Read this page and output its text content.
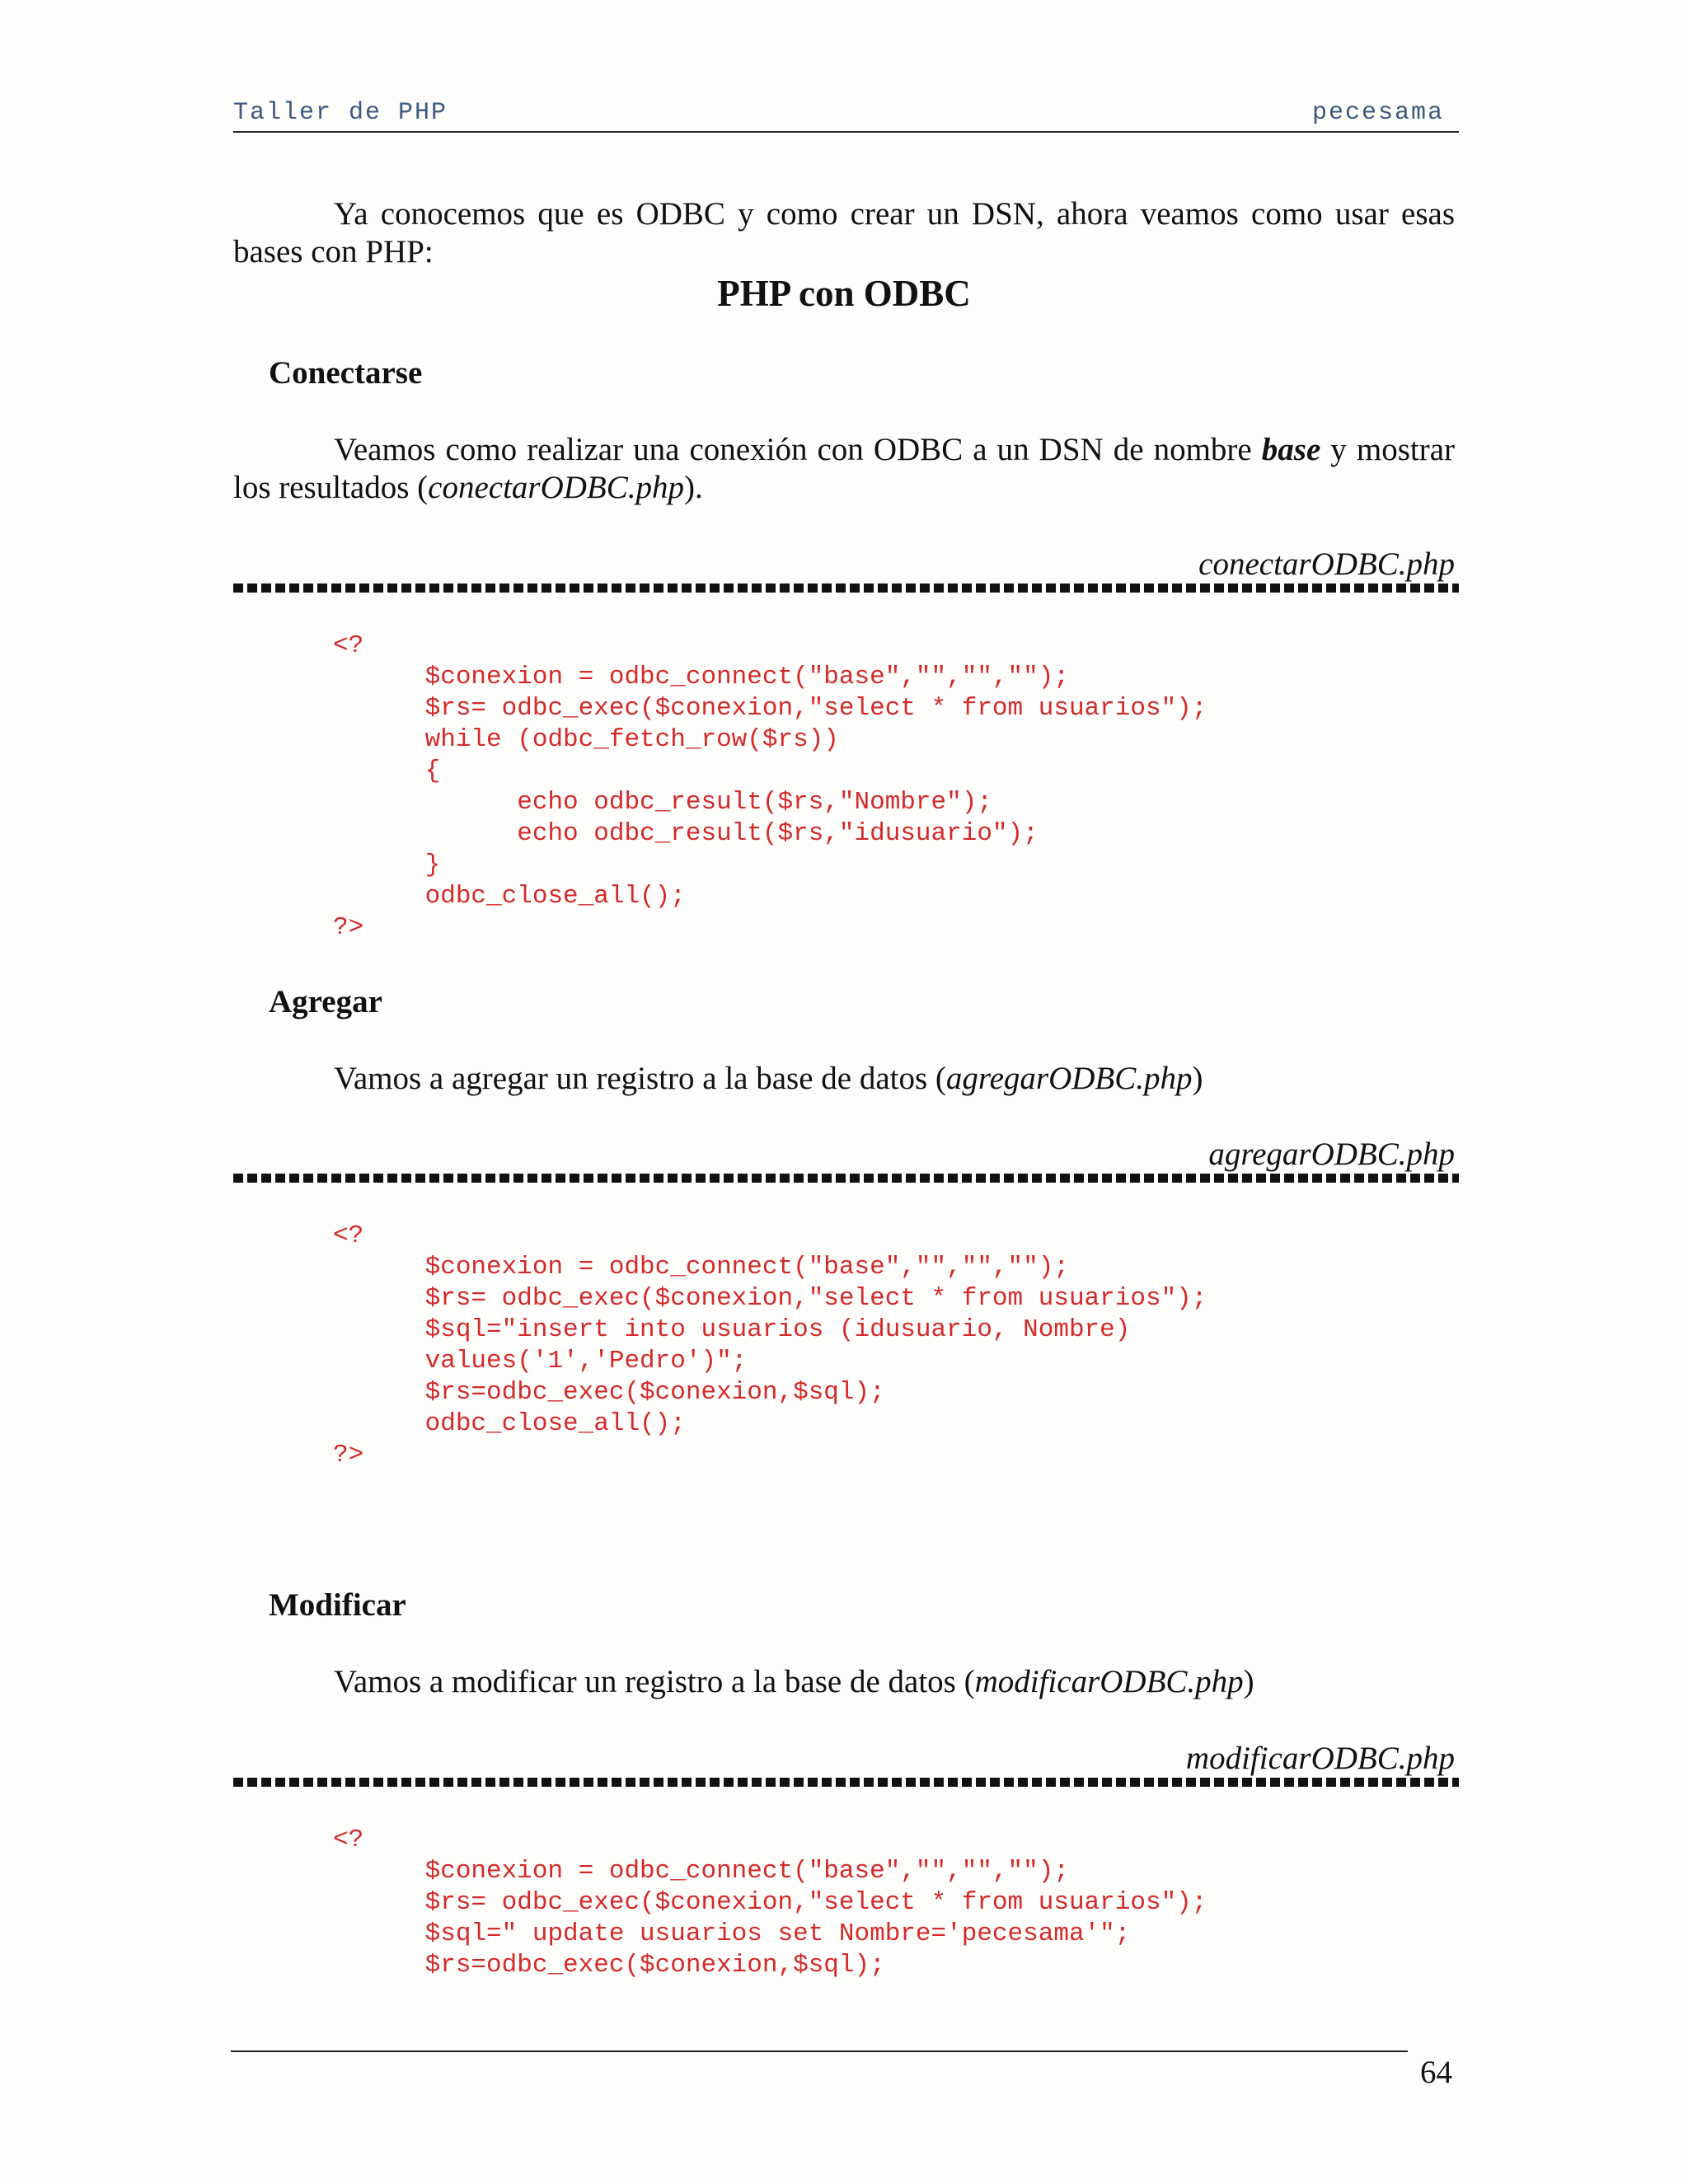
Taller de PHP	pecesama
Ya conocemos que es ODBC y como crear un DSN, ahora veamos como usar esas bases con PHP:
PHP con ODBC
Conectarse
Veamos como realizar una conexión con ODBC a un DSN de nombre base y mostrar los resultados (conectarODBC.php).
conectarODBC.php
<?
$conexion = odbc_connect("base","","","");
$rs= odbc_exec($conexion,"select * from usuarios");
while (odbc_fetch_row($rs))
{
echo odbc_result($rs,"Nombre");
echo odbc_result($rs,"idusuario");
}
odbc_close_all();
?>
Agregar
Vamos a agregar un registro a la base de datos (agregarODBC.php)
agregarODBC.php
<?
$conexion = odbc_connect("base","","","");
$rs= odbc_exec($conexion,"select * from usuarios");
$sql="insert into usuarios (idusuario, Nombre)
values('1','Pedro')";
$rs=odbc_exec($conexion,$sql);
odbc_close_all();
?>
Modificar
Vamos a modificar un registro a la base de datos (modificarODBC.php)
modificarODBC.php
<?
$conexion = odbc_connect("base","","","");
$rs= odbc_exec($conexion,"select * from usuarios");
$sql=" update usuarios set Nombre='pecesama'";
$rs=odbc_exec($conexion,$sql);
64
